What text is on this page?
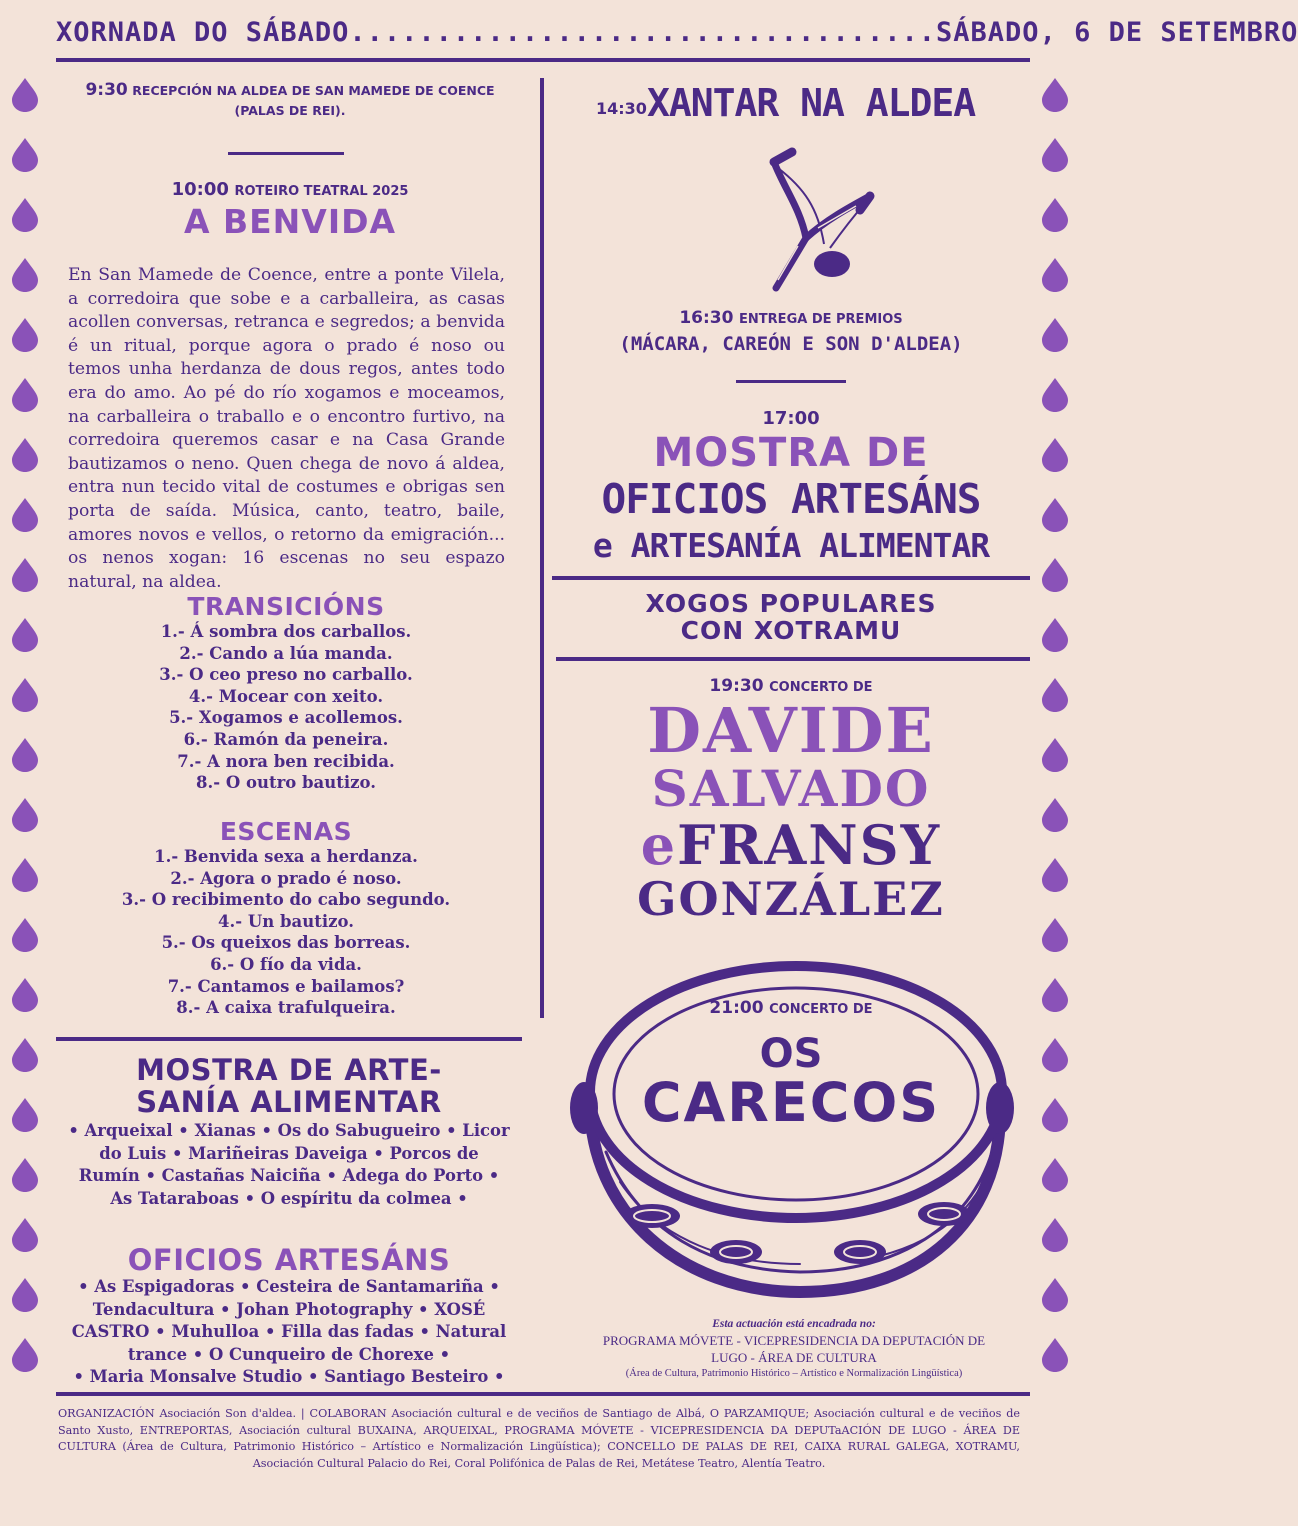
XORNADA DO SÁBADO .................................. SÁBADO, 6 DE SETEMBRO
9:30 RECEPCIÓN NA ALDEA DE SAN MAMEDE DE COENCE
(PALAS DE REI).
10:00 ROTEIRO TEATRAL 2025
A BENVIDA
En San Mamede de Coence, entre a ponte Vilela, a corredoira que sobe e a carballeira, as casas acollen conversas, retranca e segredos; a benvida é un ritual, porque agora o prado é noso ou temos unha herdanza de dous regos, antes todo era do amo. Ao pé do río xogamos e moceamos, na carballeira o traballo e o encontro furtivo, na corredoira queremos casar e na Casa Grande bautizamos o neno. Quen chega de novo á aldea, entra nun tecido vital de costumes e obrigas sen porta de saída. Música, canto, teatro, baile, amores novos e vellos, o retorno da emigración... os nenos xogan: 16 escenas no seu espazo natural, na aldea.
TRANSICIÓNS
1.- Á sombra dos carballos.
2.- Cando a lúa manda.
3.- O ceo preso no carballo.
4.- Mocear con xeito.
5.- Xogamos e acollemos.
6.- Ramón da peneira.
7.- A nora ben recibida.
8.- O outro bautizo.
ESCENAS
1.- Benvida sexa a herdanza.
2.- Agora o prado é noso.
3.- O recibimento do cabo segundo.
4.- Un bautizo.
5.- Os queixos das borreas.
6.- O fío da vida.
7.- Cantamos e bailamos?
8.- A caixa trafulqueira.
MOSTRA DE ARTE-
SANÍA ALIMENTAR
• Arqueixal • Xianas • Os do Sabugueiro • Licor
do Luis • Mariñeiras Daveiga • Porcos de
Rumín • Castañas Naiciña • Adega do Porto •
As Tataraboas • O espíritu da colmea •
OFICIOS ARTESÁNS
• As Espigadoras • Cesteira de Santamariña •
Tendacultura • Johan Photography • XOSÉ
CASTRO • Muhulloa • Filla das fadas • Natural
trance • O Cunqueiro de Chorexe •
• Maria Monsalve Studio • Santiago Besteiro •
14:30 XANTAR NA ALDEA
16:30 ENTREGA DE PREMIOS
(MÁCARA, CAREÓN E SON D'ALDEA)
17:00
MOSTRA DE
OFICIOS ARTESÁNS
e ARTESANÍA ALIMENTAR
XOGOS POPULARES
CON XOTRAMU
19:30 CONCERTO DE
DAVIDE
SALVADO
eFRANSY
GONZÁLEZ
21:00 CONCERTO DE
OS
CARECOS
Esta actuación está encadrada no:
PROGRAMA MÓVETE - VICEPRESIDENCIA DA DEPUTACIÓN DE
LUGO - ÁREA DE CULTURA
(Área de Cultura, Patrimonio Histórico – Artístico e Normalización Lingüística)
ORGANIZACIÓN Asociación Son d'aldea. | COLABORAN Asociación cultural e de veciños de Santiago de Albá, O PARZAMIQUE; Asociación cultural e de veciños de Santo Xusto, ENTREPORTAS, Asociación cultural BUXAINA, ARQUEIXAL, PROGRAMA MÓVETE - VICEPRESIDENCIA DA DEPUTaACIÓN DE LUGO - ÁREA DE CULTURA (Área de Cultura, Patrimonio Histórico – Artístico e Normalización Lingüística); CONCELLO DE PALAS DE REI, CAIXA RURAL GALEGA, XOTRAMU, Asociación Cultural Palacio do Rei, Coral Polifónica de Palas de Rei, Metátese Teatro, Alentía Teatro.
